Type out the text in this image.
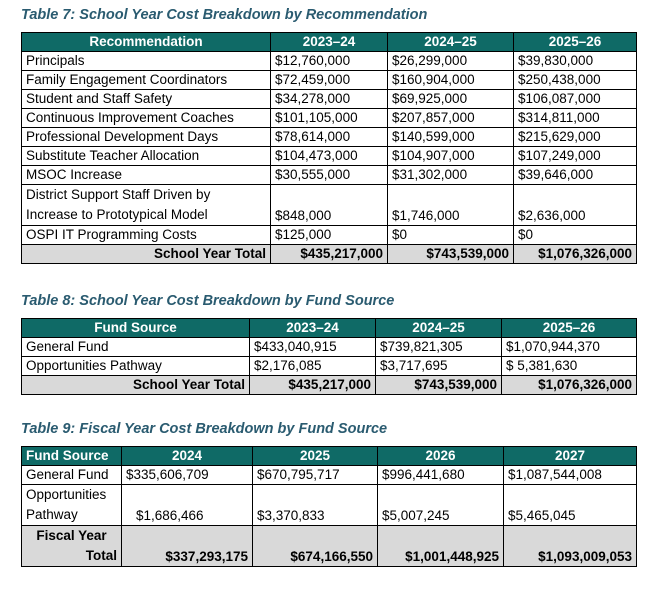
Table 7: School Year Cost Breakdown by Recommendation
Recommendation	2023–24	2024–25	2025–26
Principals	$12,760,000	$26,299,000	$39,830,000
Family Engagement Coordinators	$72,459,000	$160,904,000	$250,438,000
Student and Staff Safety	$34,278,000	$69,925,000	$106,087,000
Continuous Improvement Coaches	$101,105,000	$207,857,000	$314,811,000
Professional Development Days	$78,614,000	$140,599,000	$215,629,000
Substitute Teacher Allocation	$104,473,000	$104,907,000	$107,249,000
MSOC Increase	$30,555,000	$31,302,000	$39,646,000

District Support Staff Driven by
Increase to Prototypical Model	$848,000	$1,746,000	$2,636,000
OSPI IT Programming Costs	$125,000	$0	$0
School Year Total	$435,217,000	$743,539,000	$1,076,326,000
Table 8: School Year Cost Breakdown by Fund Source
Fund Source	2023–24	2024–25	2025–26
General Fund	$433,040,915	$739,821,305	$1,070,944,370
Opportunities Pathway	$2,176,085	$3,717,695	$ 5,381,630
School Year Total	$435,217,000	$743,539,000	$1,076,326,000
Table 9: Fiscal Year Cost Breakdown by Fund Source
Fund Source	2024	2025	2026	2027
General Fund	$335,606,709	$670,795,717	$996,441,680	$1,087,544,008

Opportunities
Pathway	$1,686,466	$3,370,833	$5,007,245	$5,465,045

Fiscal Year
Total	$337,293,175	$674,166,550	$1,001,448,925	$1,093,009,053
